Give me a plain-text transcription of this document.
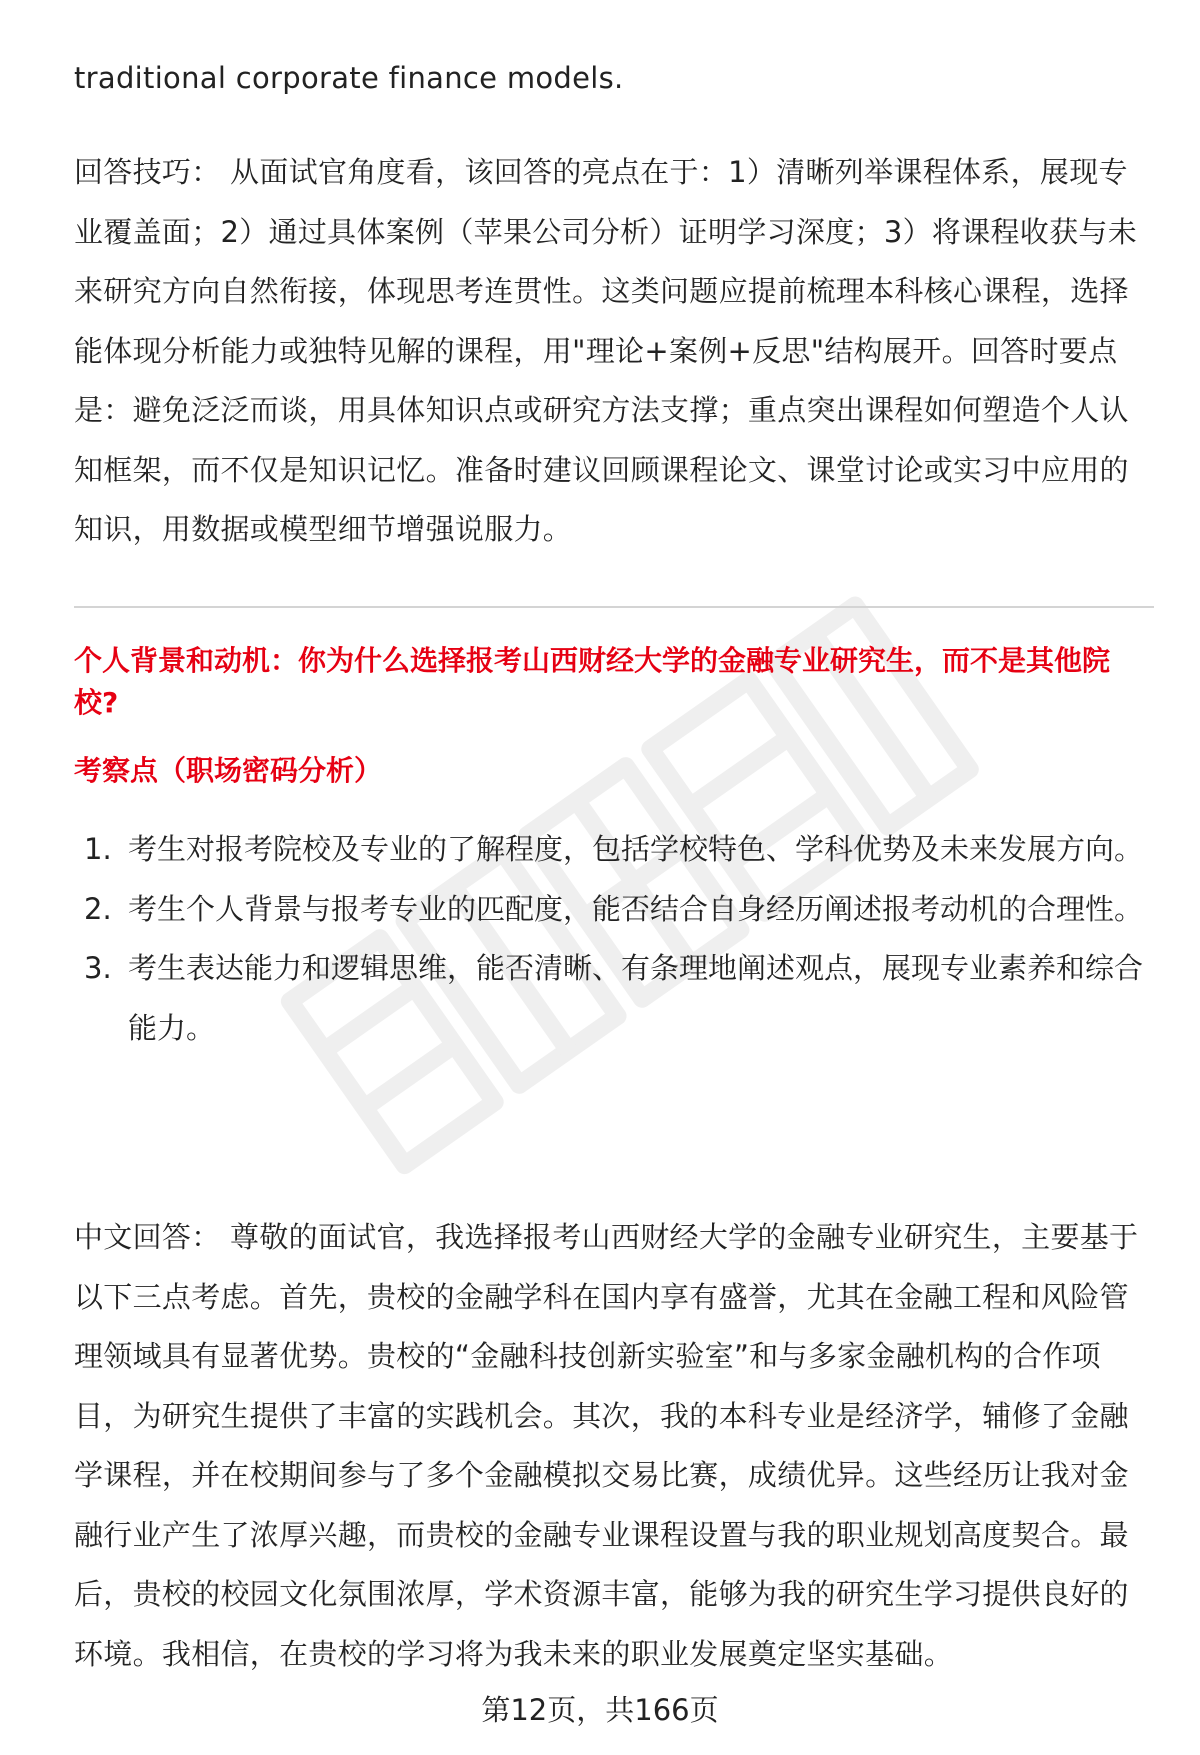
traditional corporate finance models.

回答技巧： 从面试官角度看，该回答的亮点在于：1）清晰列举课程体系，展现专业覆盖面；2）通过具体案例（苹果公司分析）证明学习深度；3）将课程收获与未来研究方向自然衔接，体现思考连贯性。这类问题应提前梳理本科核心课程，选择能体现分析能力或独特见解的课程，用"理论+案例+反思"结构展开。回答时要点是：避免泛泛而谈，用具体知识点或研究方法支撑；重点突出课程如何塑造个人认知框架，而不仅是知识记忆。准备时建议回顾课程论文、课堂讨论或实习中应用的知识，用数据或模型细节增强说服力。

个人背景和动机：你为什么选择报考山西财经大学的金融专业研究生，而不是其他院校?

考察点（职场密码分析）

1. 考生对报考院校及专业的了解程度，包括学校特色、学科优势及未来发展方向。
2. 考生个人背景与报考专业的匹配度，能否结合自身经历阐述报考动机的合理性。
3. 考生表达能力和逻辑思维，能否清晰、有条理地阐述观点，展现专业素养和综合能力。

中文回答： 尊敬的面试官，我选择报考山西财经大学的金融专业研究生，主要基于以下三点考虑。首先，贵校的金融学科在国内享有盛誉，尤其在金融工程和风险管理领域具有显著优势。贵校的“金融科技创新实验室”和与多家金融机构的合作项目，为研究生提供了丰富的实践机会。其次，我的本科专业是经济学，辅修了金融学课程，并在校期间参与了多个金融模拟交易比赛，成绩优异。这些经历让我对金融行业产生了浓厚兴趣，而贵校的金融专业课程设置与我的职业规划高度契合。最后，贵校的校园文化氛围浓厚，学术资源丰富，能够为我的研究生学习提供良好的环境。我相信，在贵校的学习将为我未来的职业发展奠定坚实基础。

第12页，共166页
